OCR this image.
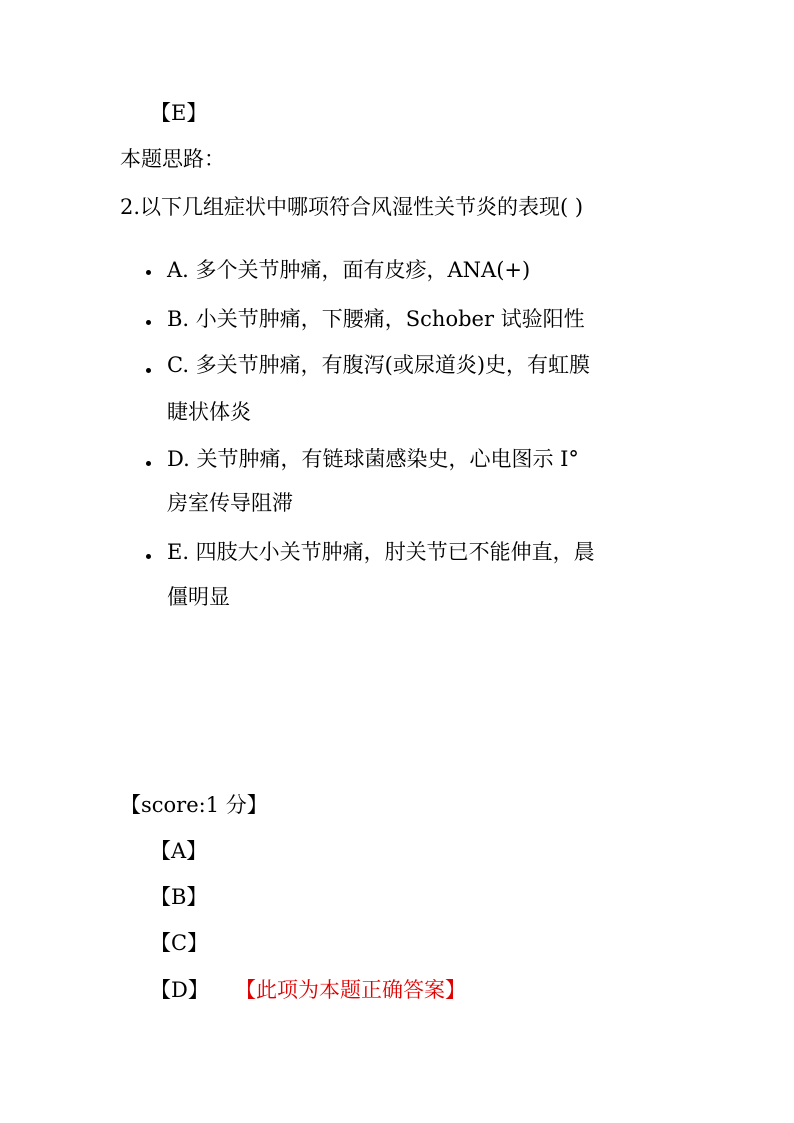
【E】
本题思路：
2.以下几组症状中哪项符合风湿性关节炎的表现( )
A. 多个关节肿痛，面有皮疹，ANA(+)
B. 小关节肿痛，下腰痛，Schober 试验阳性
C. 多关节肿痛，有腹泻(或尿道炎)史，有虹膜
睫状体炎
D. 关节肿痛，有链球菌感染史，心电图示 I°
房室传导阻滞
E. 四肢大小关节肿痛，肘关节已不能伸直，晨
僵明显
【score:1 分】
【A】
【B】
【C】
【D】 【此项为本题正确答案】
